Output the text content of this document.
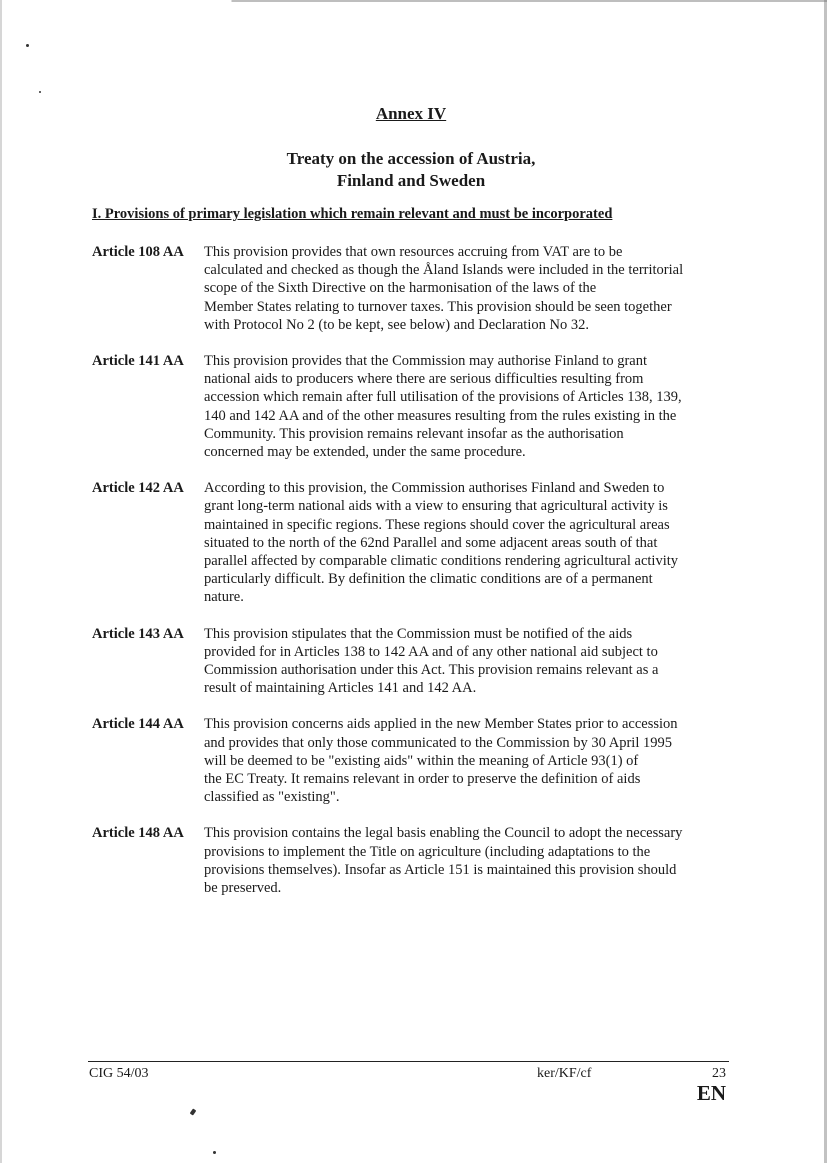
Annex IV
Treaty on the accession of Austria,
Finland and Sweden
I. Provisions of primary legislation which remain relevant and must be incorporated
Article 108 AA	This provision provides that own resources accruing from VAT are to be
calculated and checked as though the Åland Islands were included in the territorial
scope of the Sixth Directive on the harmonisation of the laws of the
Member States relating to turnover taxes. This provision should be seen together
with Protocol No 2 (to be kept, see below) and Declaration No 32.
Article 141 AA	This provision provides that the Commission may authorise Finland to grant
national aids to producers where there are serious difficulties resulting from
accession which remain after full utilisation of the provisions of Articles 138, 139,
140 and 142 AA and of the other measures resulting from the rules existing in the
Community. This provision remains relevant insofar as the authorisation
concerned may be extended, under the same procedure.
Article 142 AA	According to this provision, the Commission authorises Finland and Sweden to
grant long-term national aids with a view to ensuring that agricultural activity is
maintained in specific regions. These regions should cover the agricultural areas
situated to the north of the 62nd Parallel and some adjacent areas south of that
parallel affected by comparable climatic conditions rendering agricultural activity
particularly difficult. By definition the climatic conditions are of a permanent
nature.
Article 143 AA	This provision stipulates that the Commission must be notified of the aids
provided for in Articles 138 to 142 AA and of any other national aid subject to
Commission authorisation under this Act. This provision remains relevant as a
result of maintaining Articles 141 and 142 AA.
Article 144 AA	This provision concerns aids applied in the new Member States prior to accession
and provides that only those communicated to the Commission by 30 April 1995
will be deemed to be "existing aids" within the meaning of Article 93(1) of
the EC Treaty. It remains relevant in order to preserve the definition of aids
classified as "existing".
Article 148 AA	This provision contains the legal basis enabling the Council to adopt the necessary
provisions to implement the Title on agriculture (including adaptations to the
provisions themselves). Insofar as Article 151 is maintained this provision should
be preserved.
CIG 54/03	ker/KF/cf	23
EN
